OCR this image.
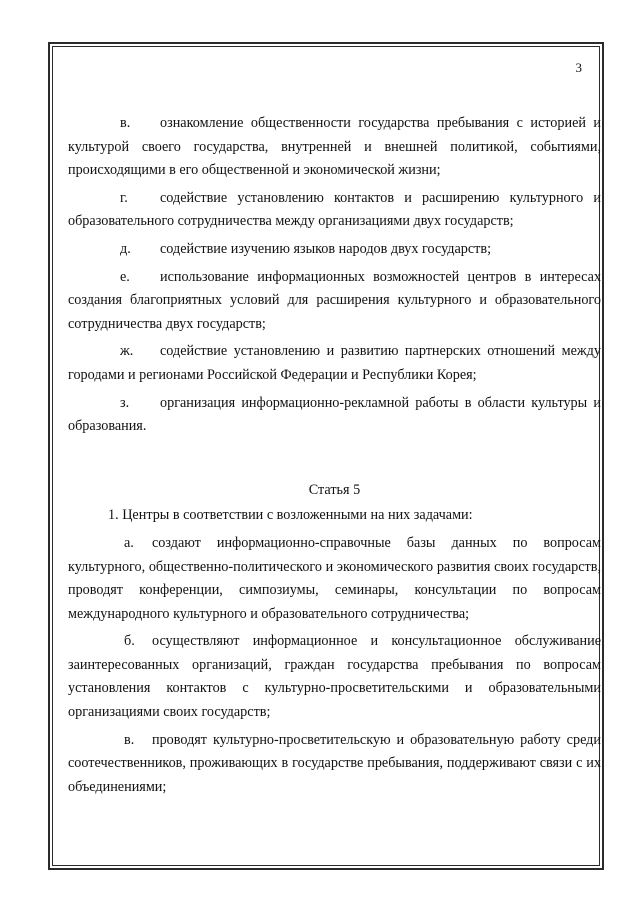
3

в. ознакомление общественности государства пребывания с историей и культурой своего государства, внутренней и внешней политикой, событиями, происходящими в его общественной и экономической жизни;

г. содействие установлению контактов и расширению культурного и образовательного сотрудничества между организациями двух государств;

д. содействие изучению языков народов двух государств;

е. использование информационных возможностей центров в интересах создания благоприятных условий для расширения культурного и образовательного сотрудничества двух государств;

ж. содействие установлению и развитию партнерских отношений между городами и регионами Российской Федерации и Республики Корея;

з. организация информационно-рекламной работы в области культуры и образования.

Статья 5

1. Центры в соответствии с возложенными на них задачами:

а. создают информационно-справочные базы данных по вопросам культурного, общественно-политического и экономического развития своих государств, проводят конференции, симпозиумы, семинары, консультации по вопросам международного культурного и образовательного сотрудничества;

б. осуществляют информационное и консультационное обслуживание заинтересованных организаций, граждан государства пребывания по вопросам установления контактов с культурно-просветительскими и образовательными организациями своих государств;

в. проводят культурно-просветительскую и образовательную работу среди соотечественников, проживающих в государстве пребывания, поддерживают связи с их объединениями;
